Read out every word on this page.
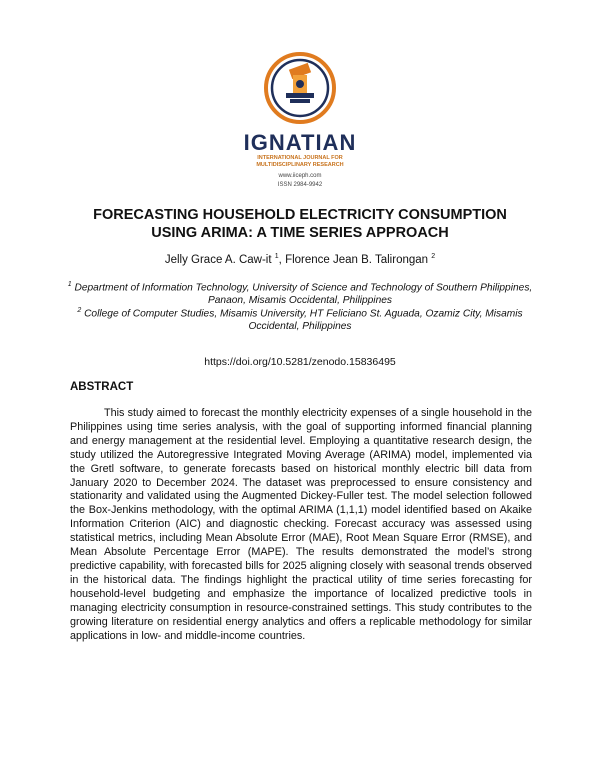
IGNATIAN
INTERNATIONAL JOURNAL FOR MULTIDISCIPLINARY RESEARCH
www.iiceph.com
ISSN 2984-9942
FORECASTING HOUSEHOLD ELECTRICITY CONSUMPTION
USING ARIMA: A TIME SERIES APPROACH
Jelly Grace A. Caw-it $^1$, Florence Jean B. Talirongan $^2$
$^1$ Department of Information Technology, University of Science and Technology of Southern Philippines, Panaon, Misamis Occidental, Philippines
$^2$ College of Computer Studies, Misamis University, HT Feliciano St. Aguada, Ozamiz City, Misamis Occidental, Philippines
https://doi.org/10.5281/zenodo.15836495
ABSTRACT
This study aimed to forecast the monthly electricity expenses of a single household in the Philippines using time series analysis, with the goal of supporting informed financial planning and energy management at the residential level. Employing a quantitative research design, the study utilized the Autoregressive Integrated Moving Average (ARIMA) model, implemented via the Gretl software, to generate forecasts based on historical monthly electric bill data from January 2020 to December 2024. The dataset was preprocessed to ensure consistency and stationarity and validated using the Augmented Dickey-Fuller test. The model selection followed the Box-Jenkins methodology, with the optimal ARIMA (1,1,1) model identified based on Akaike Information Criterion (AIC) and diagnostic checking. Forecast accuracy was assessed using statistical metrics, including Mean Absolute Error (MAE), Root Mean Square Error (RMSE), and Mean Absolute Percentage Error (MAPE). The results demonstrated the model’s strong predictive capability, with forecasted bills for 2025 aligning closely with seasonal trends observed in the historical data. The findings highlight the practical utility of time series forecasting for household-level budgeting and emphasize the importance of localized predictive tools in managing electricity consumption in resource-constrained settings. This study contributes to the growing literature on residential energy analytics and offers a replicable methodology for similar applications in low- and middle-income countries.
